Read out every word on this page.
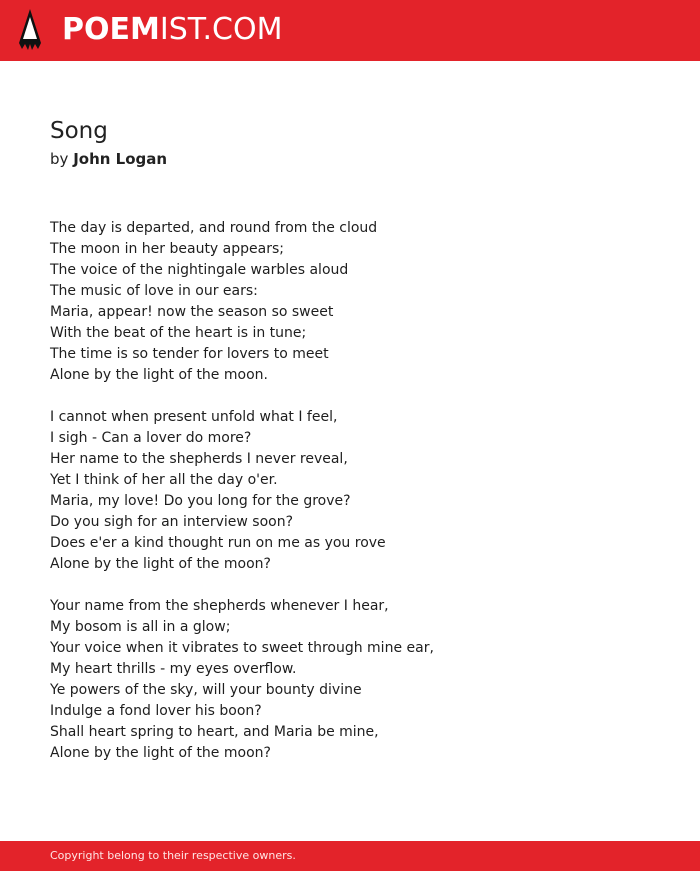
POEMIST.COM
Song
by John Logan
The day is departed, and round from the cloud
The moon in her beauty appears;
The voice of the nightingale warbles aloud
The music of love in our ears:
Maria, appear! now the season so sweet
With the beat of the heart is in tune;
The time is so tender for lovers to meet
Alone by the light of the moon.
I cannot when present unfold what I feel,
I sigh - Can a lover do more?
Her name to the shepherds I never reveal,
Yet I think of her all the day o'er.
Maria, my love! Do you long for the grove?
Do you sigh for an interview soon?
Does e'er a kind thought run on me as you rove
Alone by the light of the moon?
Your name from the shepherds whenever I hear,
My bosom is all in a glow;
Your voice when it vibrates to sweet through mine ear,
My heart thrills - my eyes overflow.
Ye powers of the sky, will your bounty divine
Indulge a fond lover his boon?
Shall heart spring to heart, and Maria be mine,
Alone by the light of the moon?
Copyright belong to their respective owners.
